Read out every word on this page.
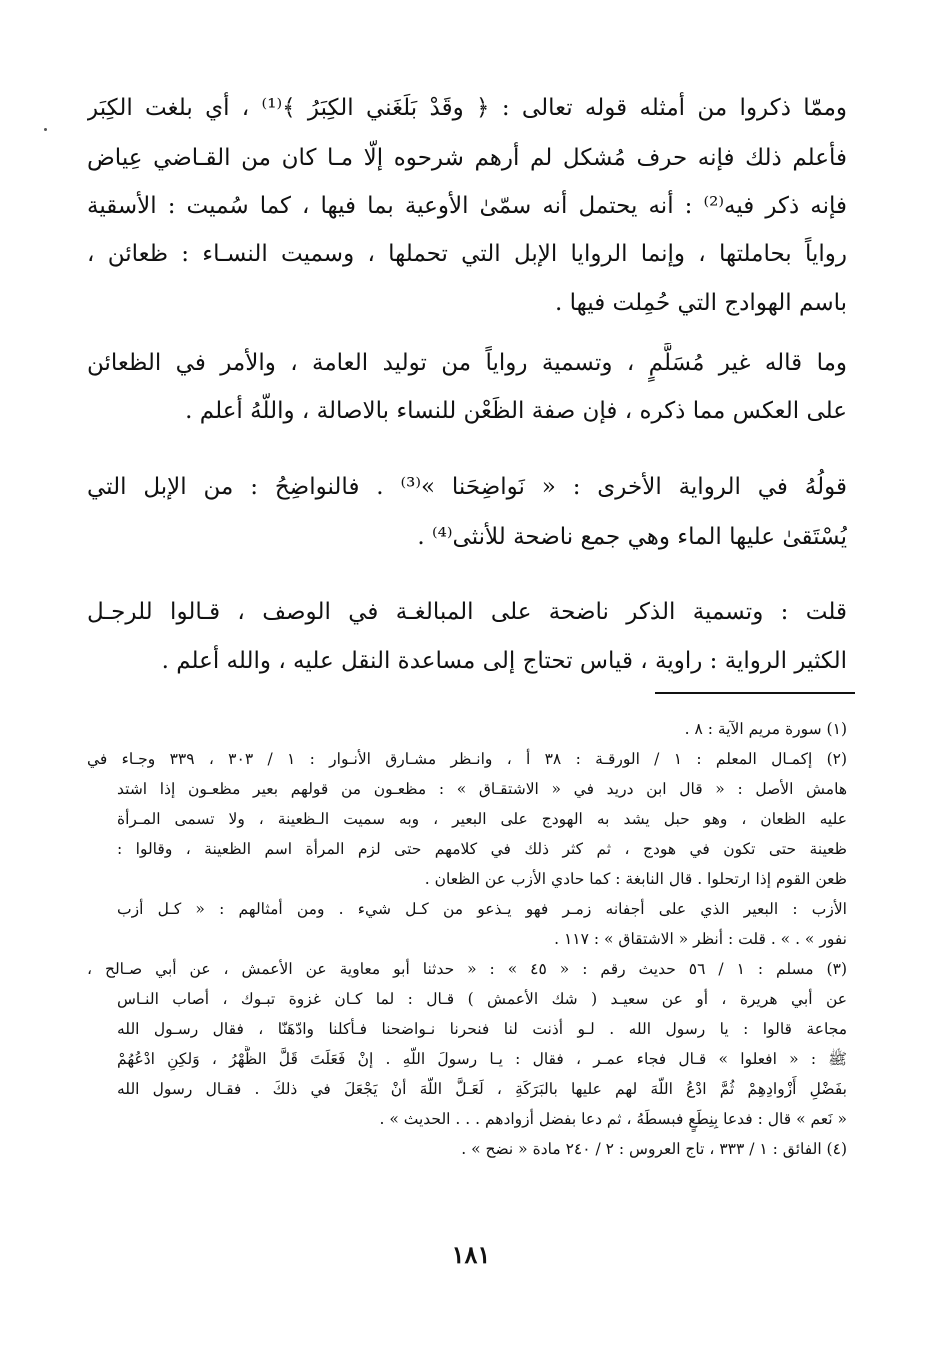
وممّا ذكروا من أمثله قوله تعالى : ﴿ وقَدْ بَلَغَني الكِبَرُ ﴾⁽¹⁾ ، أي بلغت الكِبَر
فأعلم ذلك فإنه حرف مُشكل لم أرهم شرحوه إلّا مـا كان من القـاضي عِياض
فإنه ذكر فيه⁽²⁾ : أنه يحتمل أنه سمّىٰ الأوعية بما فيها ، كما سُميت : الأسقية
رواياً بحاملتها ، وإنما الروايا الإبل التي تحملها ، وسميت النسـاء : ظعائن ،
باسم الهوادج التي حُمِلت فيها .
وما قاله غير مُسَلَّمٍ ، وتسمية رواياً من توليد العامة ، والأمر في الظعائن
على العكس مما ذكره ، فإن صفة الظَعْن للنساء بالاصالة ، واللّهُ أعلم .
قولُهُ في الرواية الأخرى : « نَواضِحَنا »⁽³⁾ . فالنواضِحُ : من الإبل التي
يُسْتَقىٰ عليها الماء وهي جمع ناضحة للأنثى⁽⁴⁾ .
قلت : وتسمية الذكر ناضحة على المبالغـة في الوصف ، قـالوا للرجـل
الكثير الرواية : راوية ، قياس تحتاج إلى مساعدة النقل عليه ، والله أعلم .
(١) سورة مريم الآية : ٨ .
(٢) إكمـال المعلم : ١ / الورقـة : ٣٨ أ ، وانـظر مشـارق الأنـوار : ١ / ٣٠٣ ، ٣٣٩ وجـاء في
هامش الأصل : « قال ابن دريد في « الاشتقـاق » : مظعـون من قولهم بعير مظعـون إذا اشتد
عليه الظعان ، وهو حبل يشد به الهودج على البعير ، وبه سميت الـظعينة ، ولا تسمى المـرأة
ظعينة حتى تكون في هودج ، ثم كثر ذلك في كلامهم حتى لزم المرأة اسم الظعينة ، وقالوا :
ظعن القوم إذا ارتحلوا . قال النابغة : كما حادي الأزب عن الظعان .
الأزب : البعير الذي على أجفانه زمـر فهو يـذعو من كـل شيء . ومن أمثالهم : « كـل أزب
نفور » . » . قلت : أنظر « الاشتقاق » : ١١٧ .
(٣) مسلم : ١ / ٥٦ حديث رقم : « ٤٥ » : « حدثنا أبو معاوية عن الأعمش ، عن أبي صـالح ،
عن أبي هريرة ، أو عن سعيـد ( شك الأعمش ) قـال : لما كـان غزوة تبـوك ، أصاب النـاس
مجاعة قالوا : يا رسول الله . لـو أذنت لنا فنحرنا نـواضحنا فـأكلنا وادّهَنّا ، فقال رسـول الله
ﷺ : « افعلوا » قـال فجاء عمـر ، فقال : يـا رسولَ اللّهِ . إنْ فَعَلَتَ قَلَّ الظَّهْرُ ، وَلكِنِ ادْعُهُمْ
بفَضْلِ أَزْوادِهِمْ ثُمَّ ادْعُ اللّهَ لهم عليها بالبَرَكَةِ ، لَعَـلَّ اللّهَ أنْ يَجْعَلَ في ذلكَ . فقـال رسول الله
« نَعم » قال : فدعا بِنِطَعٍ فبسطَهُ ، ثم دعا بفضل أزوادهم . . . الحديث » .
(٤) الفائق : ١ / ٣٣٣ ، تاج العروس : ٢ / ٢٤٠ مادة « نضح » .
١٨١
